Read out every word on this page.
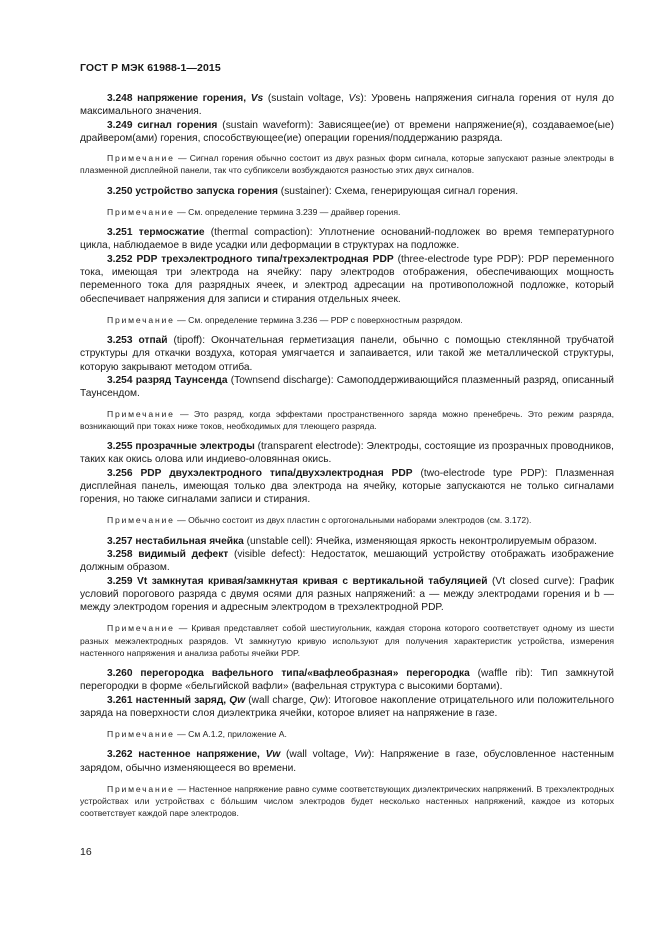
ГОСТ Р МЭК 61988-1—2015

3.248 напряжение горения, Vs (sustain voltage, Vs): Уровень напряжения сигнала горения от нуля до максимального значения.

3.249 сигнал горения (sustain waveform): Зависящее(ие) от времени напряжение(я), создаваемое(ые) драйвером(ами) горения, способствующее(ие) операции горения/поддержанию разряда.

Примечание — Сигнал горения обычно состоит из двух разных форм сигнала, которые запускают разные электроды в плазменной дисплейной панели, так что субпиксели возбуждаются разностью этих двух сигналов.

3.250 устройство запуска горения (sustainer): Схема, генерирующая сигнал горения.

Примечание — См. определение термина 3.239 — драйвер горения.

3.251 термосжатие (thermal compaction): Уплотнение оснований-подложек во время температурного цикла, наблюдаемое в виде усадки или деформации в структурах на подложке.

3.252 PDP трехэлектродного типа/трехэлектродная PDP (three-electrode type PDP): PDP переменного тока, имеющая три электрода на ячейку: пару электродов отображения, обеспечивающих мощность переменного тока для разрядных ячеек, и электрод адресации на противоположной подложке, который обеспечивает напряжения для записи и стирания отдельных ячеек.

Примечание — См. определение термина 3.236 — PDP с поверхностным разрядом.

3.253 отпай (tipoff): Окончательная герметизация панели, обычно с помощью стеклянной трубчатой структуры для откачки воздуха, которая умягчается и запаивается, или такой же металлической структуры, которую закрывают методом отгиба.

3.254 разряд Таунсенда (Townsend discharge): Самоподдерживающийся плазменный разряд, описанный Таунсендом.

Примечание — Это разряд, когда эффектами пространственного заряда можно пренебречь. Это режим разряда, возникающий при токах ниже токов, необходимых для тлеющего разряда.

3.255 прозрачные электроды (transparent electrode): Электроды, состоящие из прозрачных проводников, таких как окись олова или индиево-оловянная окись.

3.256 PDP двухэлектродного типа/двухэлектродная PDP (two-electrode type PDP): Плазменная дисплейная панель, имеющая только два электрода на ячейку, которые запускаются не только сигналами горения, но также сигналами записи и стирания.

Примечание — Обычно состоит из двух пластин с ортогональными наборами электродов (см. 3.172).

3.257 нестабильная ячейка (unstable cell): Ячейка, изменяющая яркость неконтролируемым образом.

3.258 видимый дефект (visible defect): Недостаток, мешающий устройству отображать изображение должным образом.

3.259 Vt замкнутая кривая/замкнутая кривая с вертикальной табуляцией (Vt closed curve): График условий порогового разряда с двумя осями для разных напряжений: a — между электродами горения и b — между электродом горения и адресным электродом в трехэлектродной PDP.

Примечание — Кривая представляет собой шестиугольник, каждая сторона которого соответствует одному из шести разных межэлектродных разрядов. Vt замкнутую кривую используют для получения характеристик устройства, измерения настенного напряжения и анализа работы ячейки PDP.

3.260 перегородка вафельного типа/«вафлеобразная» перегородка (waffle rib): Тип замкнутой перегородки в форме «бельгийской вафли» (вафельная структура с высокими бортами).

3.261 настенный заряд, Qw (wall charge, Qw): Итоговое накопление отрицательного или положительного заряда на поверхности слоя диэлектрика ячейки, которое влияет на напряжение в газе.

Примечание — См А.1.2, приложение А.

3.262 настенное напряжение, Vw (wall voltage, Vw): Напряжение в газе, обусловленное настенным зарядом, обычно изменяющееся во времени.

Примечание — Настенное напряжение равно сумме соответствующих диэлектрических напряжений. В трехэлектродных устройствах или устройствах с бо́льшим числом электродов будет несколько настенных напряжений, каждое из которых соответствует каждой паре электродов.

16
